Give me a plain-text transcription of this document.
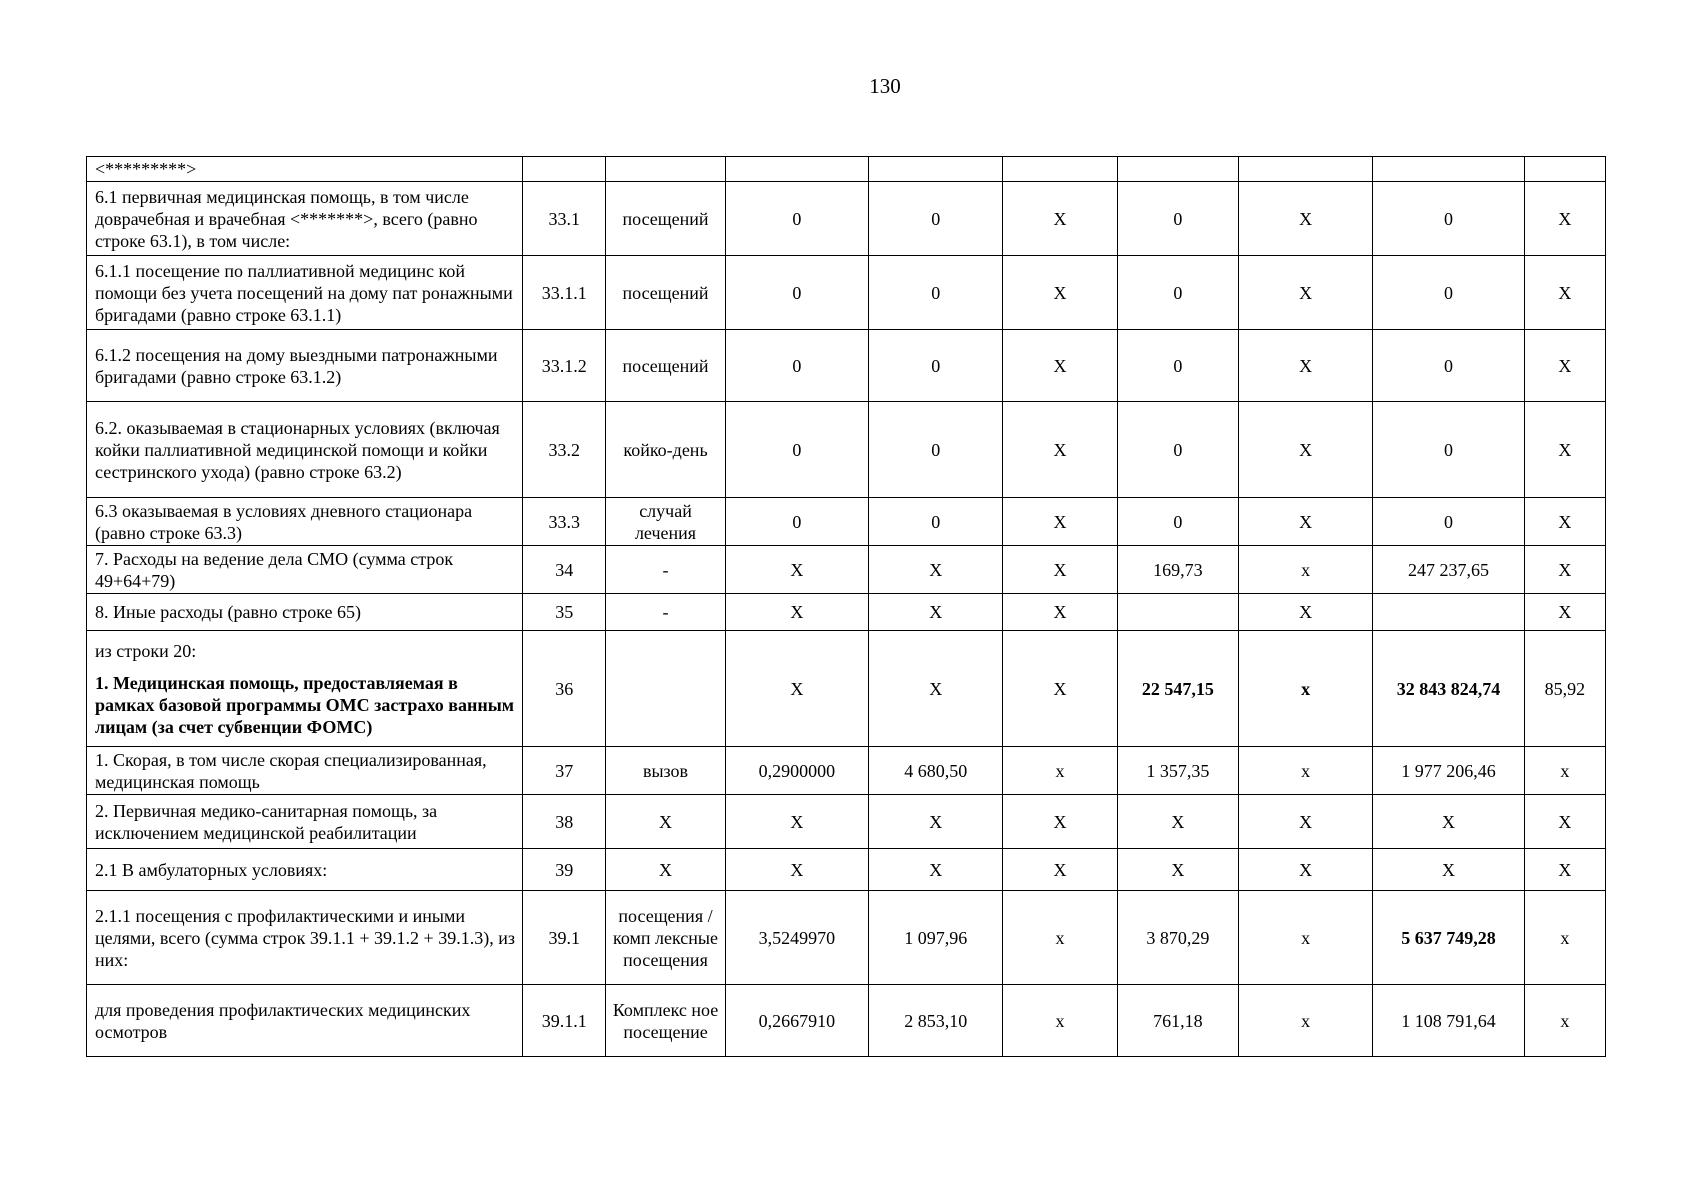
130
<*********>									
6.1 первичная медицинская помощь, в том числе доврачебная и врачебная <*******>, всего (равно строке 63.1), в том числе:	33.1	посещений	0	0	X	0	X	0	X
6.1.1 посещение по паллиативной медицинс кой помощи без учета посещений на дому пат ронажными бригадами (равно строке 63.1.1)	33.1.1	посещений	0	0	X	0	X	0	X
6.1.2 посещения на дому выездными патронажными бригадами (равно строке 63.1.2)	33.1.2	посещений	0	0	X	0	X	0	X
6.2. оказываемая в стационарных условиях (включая койки паллиативной медицинской помощи и койки сестринского ухода) (равно строке 63.2)	33.2	койко-день	0	0	X	0	X	0	X
6.3 оказываемая в условиях дневного стационара (равно строке 63.3)	33.3	случай лечения	0	0	X	0	X	0	X
7. Расходы на ведение дела СМО (сумма строк 49+64+79)	34	-	X	X	X	169,73	x	247 237,65	X
8. Иные расходы (равно строке 65)	35	-	X	X	X		X		X

из строки 20:
1. Медицинская помощь, предоставляемая в рамках базовой программы ОМС застрахо ванным лицам (за счет субвенции ФОМС)	36		X	X	X	22 547,15	x	32 843 824,74	85,92
1. Скорая, в том числе скорая специализированная, медицинская помощь	37	вызов	0,2900000	4 680,50	x	1 357,35	x	1 977 206,46	x
2. Первичная медико-санитарная помощь, за исключением медицинской реабилитации	38	X	X	X	X	X	X	X	X
2.1 В амбулаторных условиях:	39	X	X	X	X	X	X	X	X
2.1.1 посещения с профилактическими и иными целями, всего (сумма строк 39.1.1 + 39.1.2 + 39.1.3), из них:	39.1	посещения /комп лексные посещения	3,5249970	1 097,96	x	3 870,29	x	5 637 749,28	x
для проведения профилактических медицинских осмотров	39.1.1	Комплекс ное посещение	0,2667910	2 853,10	x	761,18	x	1 108 791,64	x
